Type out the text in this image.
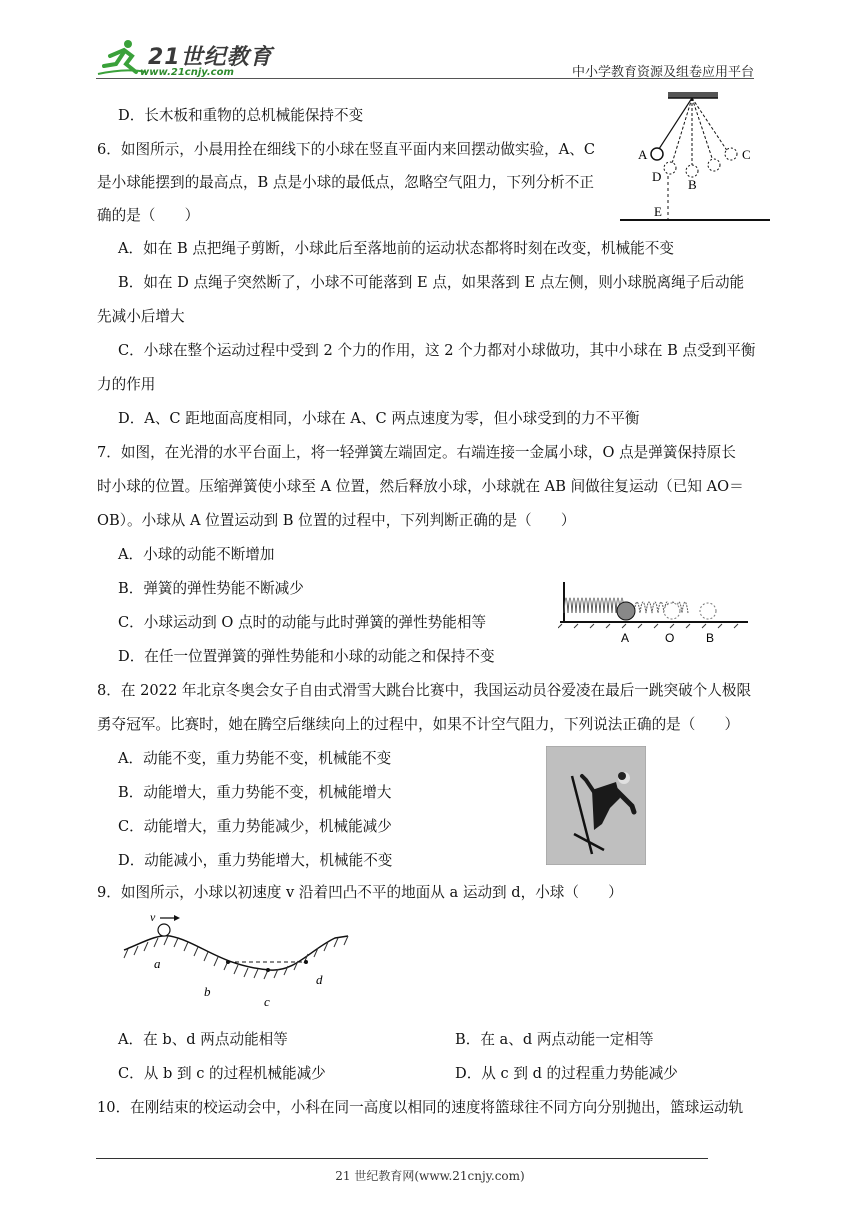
21世纪教育
www.21cnjy.com	中小学教育资源及组卷应用平台
D．长木板和重物的总机械能保持不变
6．如图所示，小晨用拴在细线下的小球在竖直平面内来回摆动做实验，A、C
是小球能摆到的最高点，B 点是小球的最低点，忽略空气阻力，下列分析不正
确的是（　　）
A．如在 B 点把绳子剪断，小球此后至落地前的运动状态都将时刻在改变，机械能不变
B．如在 D 点绳子突然断了，小球不可能落到 E 点，如果落到 E 点左侧，则小球脱离绳子后动能
先减小后增大
C．小球在整个运动过程中受到 2 个力的作用，这 2 个力都对小球做功，其中小球在 B 点受到平衡
力的作用
D．A、C 距地面高度相同，小球在 A、C 两点速度为零，但小球受到的力不平衡
7．如图，在光滑的水平台面上，将一轻弹簧左端固定。右端连接一金属小球，O 点是弹簧保持原长
时小球的位置。压缩弹簧使小球至 A 位置，然后释放小球，小球就在 AB 间做往复运动（已知 AO＝
OB）。小球从 A 位置运动到 B 位置的过程中，下列判断正确的是（　　）
A．小球的动能不断增加
B．弹簧的弹性势能不断减少
C．小球运动到 O 点时的动能与此时弹簧的弹性势能相等
D．在任一位置弹簧的弹性势能和小球的动能之和保持不变
8．在 2022 年北京冬奥会女子自由式滑雪大跳台比赛中，我国运动员谷爱凌在最后一跳突破个人极限
勇夺冠军。比赛时，她在腾空后继续向上的过程中，如果不计空气阻力，下列说法正确的是（　　）
A．动能不变，重力势能不变，机械能不变
B．动能增大，重力势能不变，机械能增大
C．动能增大，重力势能减少，机械能减少
D．动能减小，重力势能增大，机械能不变
9．如图所示，小球以初速度 v 沿着凹凸不平的地面从 a 运动到 d，小球（　　）
A．在 b、d 两点动能相等	B．在 a、d 两点动能一定相等
C．从 b 到 c 的过程机械能减少	D．从 c 到 d 的过程重力势能减少
10．在刚结束的校运动会中，小科在同一高度以相同的速度将篮球往不同方向分别抛出，篮球运动轨
A	C
D
B
E
A	O	B
v
a
b
c
d
21 世纪教育网(www.21cnjy.com)
